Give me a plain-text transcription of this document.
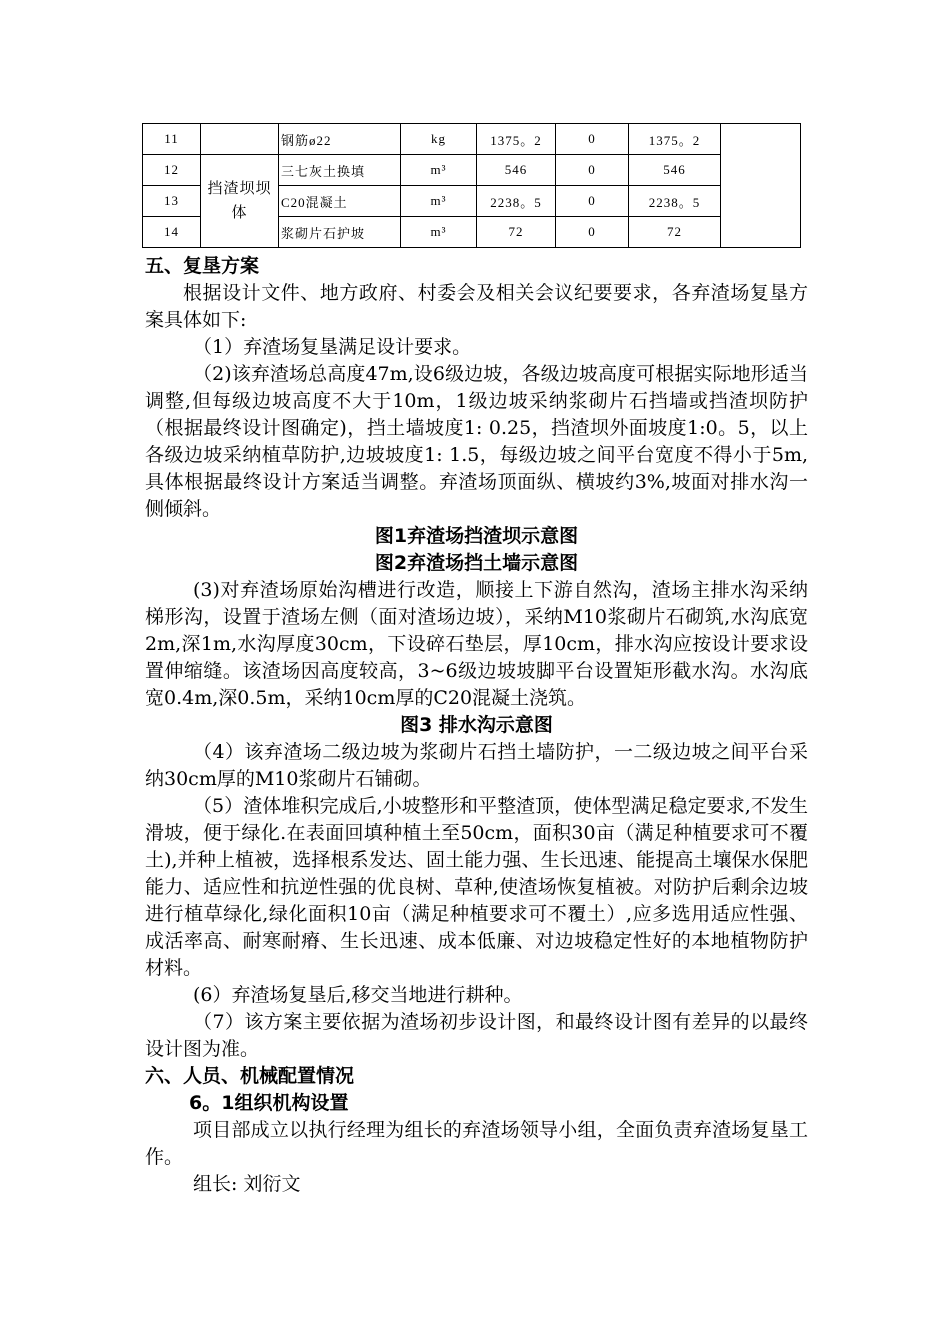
11		钢筋ø22	kg	1375。2	0	1375。2	
12	挡渣坝坝体	三七灰土换填	m³	546	0	546	
13		C20混凝土	m³	2238。5	0	2238。5	
14		浆砌片石护坡	m³	72	0	72	
五、复垦方案

根据设计文件、地方政府、村委会及相关会议纪要要求，各弃渣场复垦方案具体如下:

（1）弃渣场复垦满足设计要求。

（2)该弃渣场总高度47m,设6级边坡，各级边坡高度可根据实际地形适当调整,但每级边坡高度不大于10m，1级边坡采纳浆砌片石挡墙或挡渣坝防护（根据最终设计图确定)，挡土墙坡度1: 0.25，挡渣坝外面坡度1:0。5，以上各级边坡采纳植草防护,边坡坡度1: 1.5，每级边坡之间平台宽度不得小于5m,具体根据最终设计方案适当调整。弃渣场顶面纵、横坡约3%,坡面对排水沟一侧倾斜。

图1弃渣场挡渣坝示意图

图2弃渣场挡土墙示意图

(3)对弃渣场原始沟槽进行改造，顺接上下游自然沟，渣场主排水沟采纳梯形沟，设置于渣场左侧（面对渣场边坡），采纳M10浆砌片石砌筑,水沟底宽2m,深1m,水沟厚度30cm，下设碎石垫层，厚10cm，排水沟应按设计要求设置伸缩缝。该渣场因高度较高，3~6级边坡坡脚平台设置矩形截水沟。水沟底宽0.4m,深0.5m，采纳10cm厚的C20混凝土浇筑。

图3 排水沟示意图

（4）该弃渣场二级边坡为浆砌片石挡土墙防护，一二级边坡之间平台采纳30cm厚的M10浆砌片石铺砌。

（5）渣体堆积完成后,小坡整形和平整渣顶，使体型满足稳定要求,不发生滑坡，便于绿化.在表面回填种植土至50cm，面积30亩（满足种植要求可不覆土),并种上植被，选择根系发达、固土能力强、生长迅速、能提高土壤保水保肥能力、适应性和抗逆性强的优良树、草种,使渣场恢复植被。对防护后剩余边坡进行植草绿化,绿化面积10亩（满足种植要求可不覆土）,应多选用适应性强、成活率高、耐寒耐瘠、生长迅速、成本低廉、对边坡稳定性好的本地植物防护材料。

(6）弃渣场复垦后,移交当地进行耕种。

（7）该方案主要依据为渣场初步设计图，和最终设计图有差异的以最终设计图为准。

六、人员、机械配置情况
6。1组织机构设置

项目部成立以执行经理为组长的弃渣场领导小组，全面负责弃渣场复垦工作。

组长: 刘衍文
